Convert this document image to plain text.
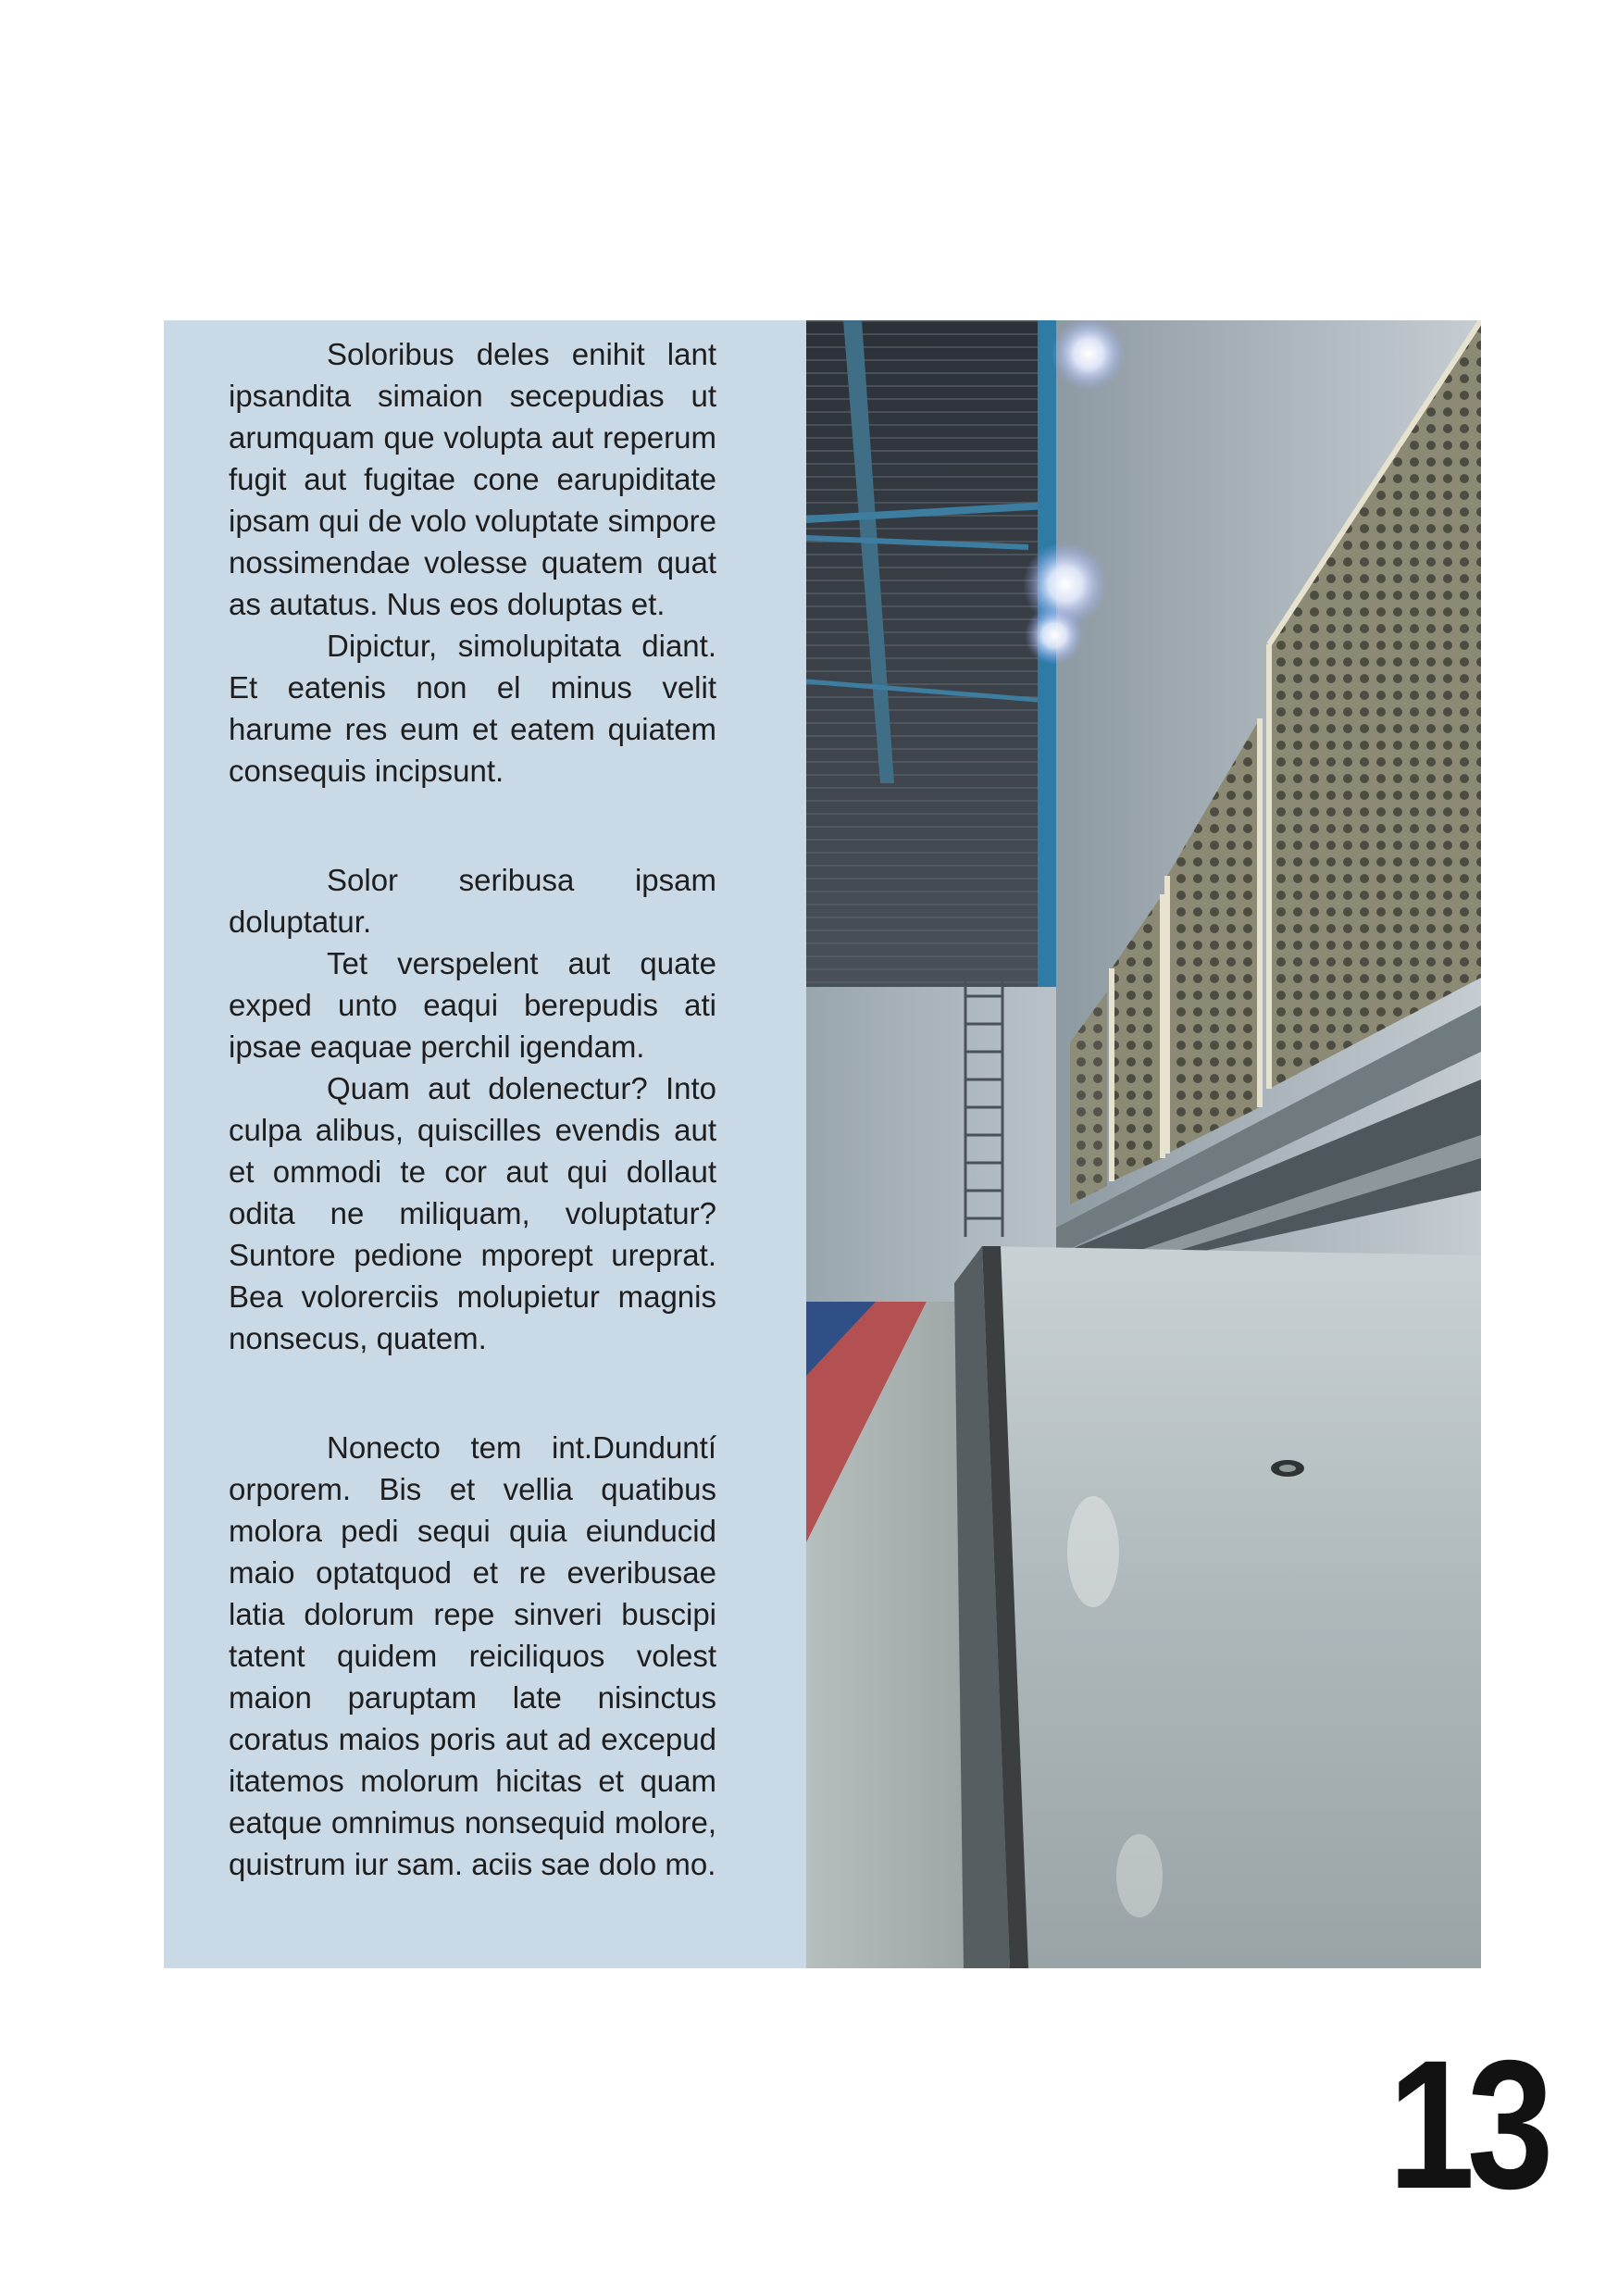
Soloribus deles enihit lant ipsandita simaion secepudias ut arumquam que volupta aut reperum fugit aut fugitae cone earupiditate ipsam qui de volo voluptate simpore nossimendae volesse quatem quat as autatus. Nus eos doluptas et.

Dipictur, simolupitata diant. Et eatenis non el minus velit harume res eum et eatem quiatem consequis incipsunt.

Solor seribusa ipsam doluptatur.

Tet verspelent aut quate exped unto eaqui berepudis ati ipsae eaquae perchil igendam.

Quam aut dolenectur? Into culpa alibus, quiscilles evendis aut et ommodi te cor aut qui dollaut odita ne miliquam, voluptatur? Suntore pedione mporept ureprat. Bea volorerciis molupietur magnis nonsecus, quatem.

Nonecto tem int.Dunduntí orporem. Bis et vellia quatibus molora pedi sequi quia eiunducid maio optatquod et re everibusae latia dolorum repe sinveri buscipi tatent quidem reiciliquos volest maion paruptam late nisinctus coratus maios poris aut ad excepud itatemos molorum hicitas et quam eatque omnimus nonsequid molore, quistrum iur sam. aciis sae dolo mo.

13
